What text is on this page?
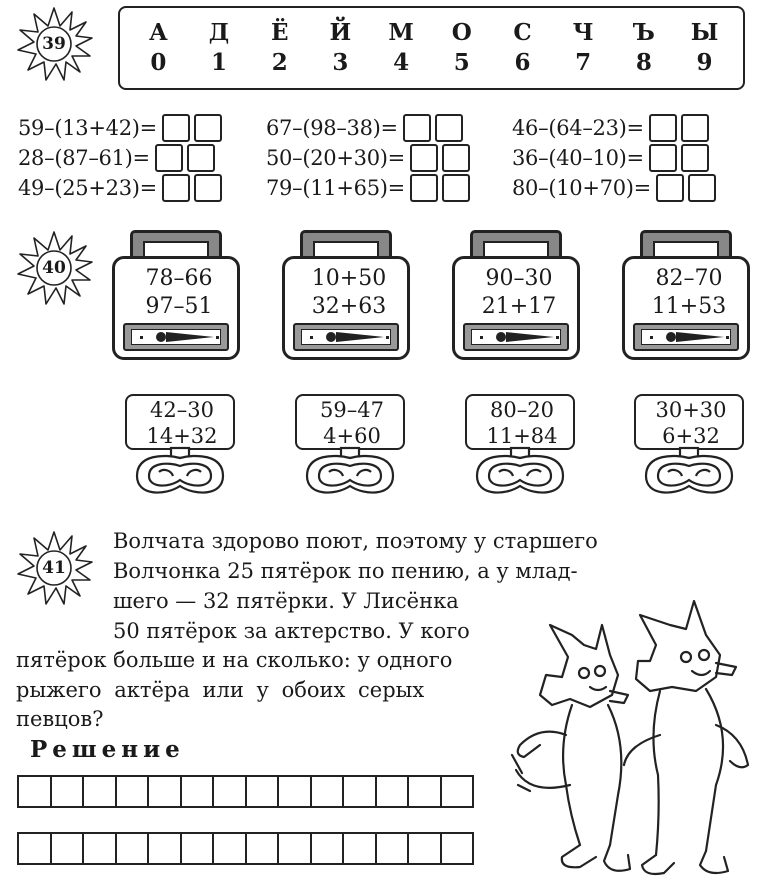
39	А
0
Д
1
Ё
2
Й
3
М
4
О
5
С
6
Ч
7
Ъ
8
Ы
9
59–(13+42)=	67–(98–38)=	46–(64–23)=
28–(87–61)=	50–(20+30)=	36–(40–10)=
49–(25+23)=	79–(11+65)=	80–(10+70)=
40	78–66
97–51
10+50
32+63
90–30
21+17
82–70
11+53
42–30
14+32
59–47
4+60
80–20
11+84
30+30
6+32
41
Волчата здорово поют, поэтому у старшего
Волчонка 25 пятёрок по пению, а у млад-
шего — 32 пятёрки. У Лисёнка
50 пятёрок за актерство. У кого
пятёрок больше и на сколько: у одного
рыжего актёра или у обоих серых
певцов?
Решение
